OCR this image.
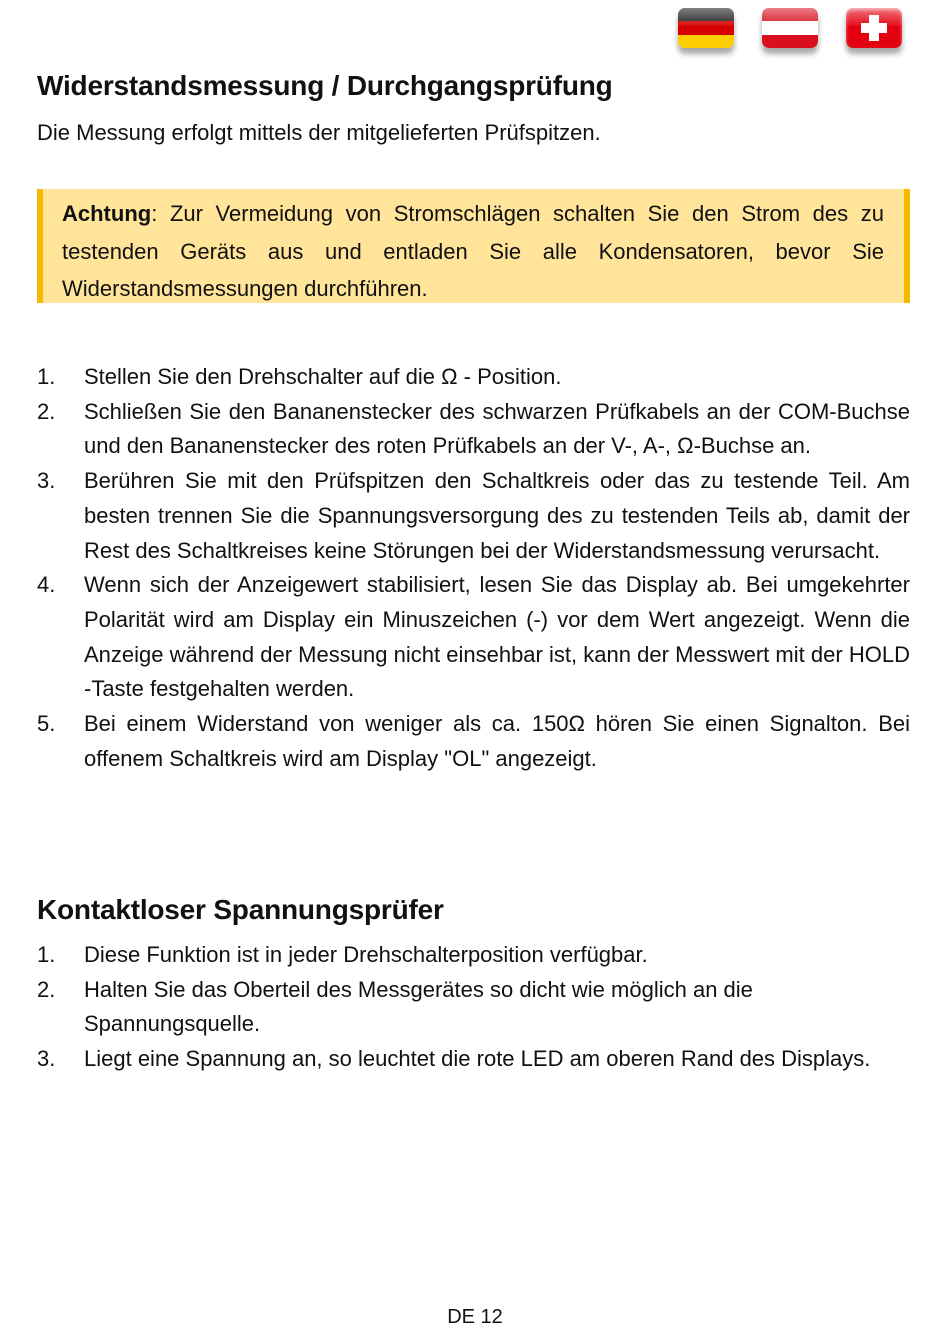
Widerstandsmessung / Durchgangsprüfung

Die Messung erfolgt mittels der mitgelieferten Prüfspitzen.

Achtung: Zur Vermeidung von Stromschlägen schalten Sie den Strom des zu testenden Geräts aus und entladen Sie alle Kondensatoren, bevor Sie Widerstandsmessungen durchführen.

1. Stellen Sie den Drehschalter auf die Ω - Position.
2. Schließen Sie den Bananenstecker des schwarzen Prüfkabels an der COM-Buchse und den Bananenstecker des roten Prüfkabels an der V-, A-, Ω-Buchse an.
3. Berühren Sie mit den Prüfspitzen den Schaltkreis oder das zu testende Teil. Am besten trennen Sie die Spannungsversorgung des zu testenden Teils ab, damit der Rest des Schaltkreises keine Störungen bei der Widerstandsmessung verursacht.
4. Wenn sich der Anzeigewert stabilisiert, lesen Sie das Display ab. Bei umgekehrter Polarität wird am Display ein Minuszeichen (-) vor dem Wert angezeigt. Wenn die Anzeige während der Messung nicht einsehbar ist, kann der Messwert mit der HOLD -Taste festgehalten werden.
5. Bei einem Widerstand von weniger als ca. 150Ω hören Sie einen Signalton. Bei offenem Schaltkreis wird am Display "OL" angezeigt.
Kontaktloser Spannungsprüfer
1. Diese Funktion ist in jeder Drehschalterposition verfügbar.
2. Halten Sie das Oberteil des Messgerätes so dicht wie möglich an die Spannungsquelle.
3. Liegt eine Spannung an, so leuchtet die rote LED am oberen Rand des Displays.
DE 12
